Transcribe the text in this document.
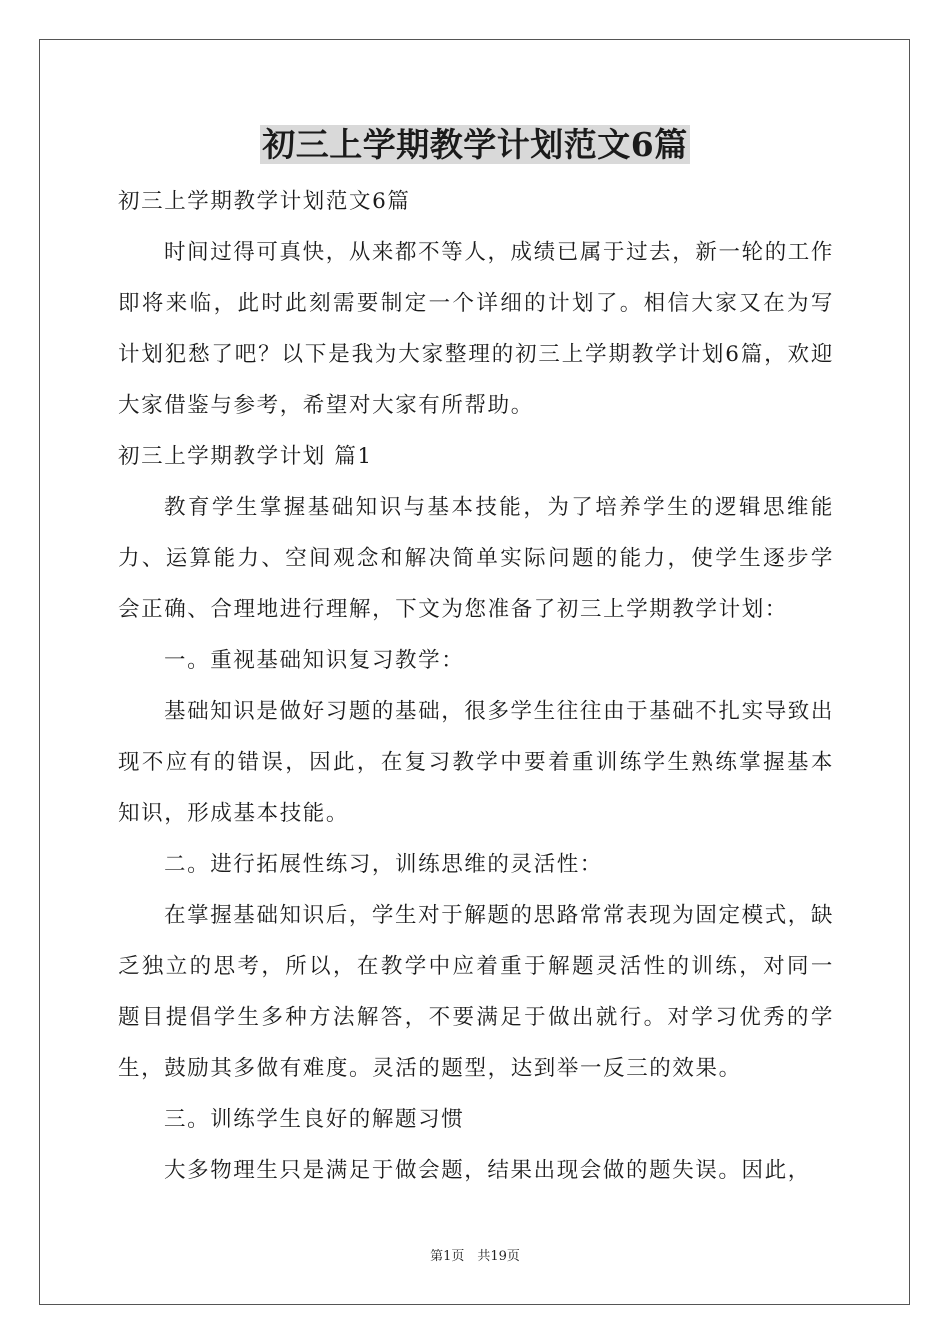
初三上学期教学计划范文6篇

初三上学期教学计划范文6篇

时间过得可真快，从来都不等人，成绩已属于过去，新一轮的工作即将来临，此时此刻需要制定一个详细的计划了。相信大家又在为写计划犯愁了吧？以下是我为大家整理的初三上学期教学计划6篇，欢迎大家借鉴与参考，希望对大家有所帮助。

初三上学期教学计划 篇1

教育学生掌握基础知识与基本技能，为了培养学生的逻辑思维能力、运算能力、空间观念和解决简单实际问题的能力，使学生逐步学会正确、合理地进行理解，下文为您准备了初三上学期教学计划：

一。重视基础知识复习教学：

基础知识是做好习题的基础，很多学生往往由于基础不扎实导致出现不应有的错误，因此，在复习教学中要着重训练学生熟练掌握基本知识，形成基本技能。

二。进行拓展性练习，训练思维的灵活性：

在掌握基础知识后，学生对于解题的思路常常表现为固定模式，缺乏独立的思考，所以，在教学中应着重于解题灵活性的训练，对同一题目提倡学生多种方法解答，不要满足于做出就行。对学习优秀的学生，鼓励其多做有难度。灵活的题型，达到举一反三的效果。

三。训练学生良好的解题习惯

大多物理生只是满足于做会题，结果出现会做的题失误。因此，

第1页　共19页
